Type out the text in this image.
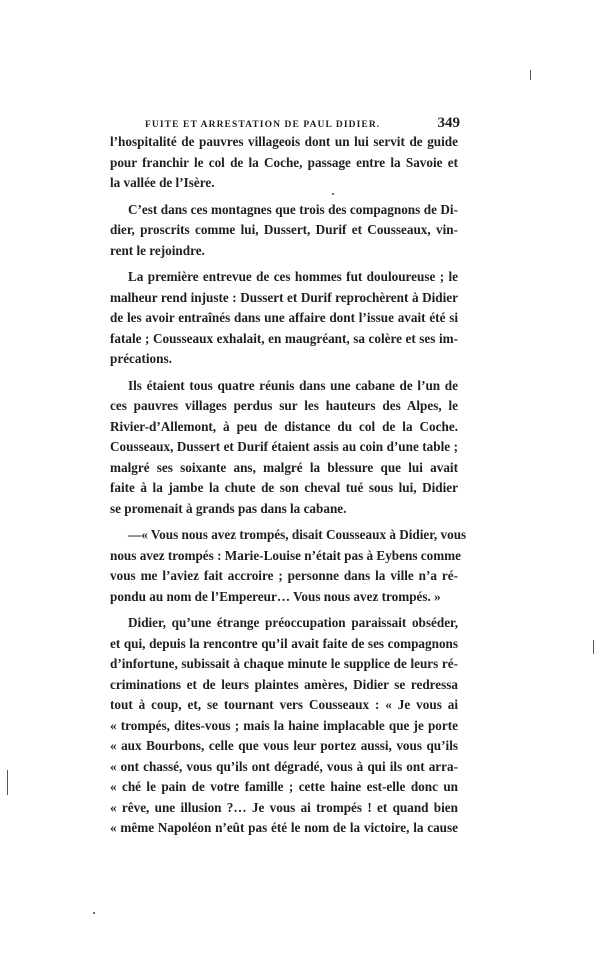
FUITE ET ARRESTATION DE PAUL DIDIER.	349
l’hospitalité de pauvres villageois dont un lui servit de guide
pour franchir le col de la Coche, passage entre la Savoie et
la vallée de l’Isère.
C’est dans ces montagnes que trois des compagnons de Di-
dier, proscrits comme lui, Dussert, Durif et Cousseaux, vin-
rent le rejoindre.
La première entrevue de ces hommes fut douloureuse ; le
malheur rend injuste : Dussert et Durif reprochèrent à Didier
de les avoir entraînés dans une affaire dont l’issue avait été si
fatale ; Cousseaux exhalait, en maugréant, sa colère et ses im-
précations.
Ils étaient tous quatre réunis dans une cabane de l’un de
ces pauvres villages perdus sur les hauteurs des Alpes, le
Rivier-d’Allemont, à peu de distance du col de la Coche.
Cousseaux, Dussert et Durif étaient assis au coin d’une table ;
malgré ses soixante ans, malgré la blessure que lui avait
faite à la jambe la chute de son cheval tué sous lui, Didier
se promenait à grands pas dans la cabane.
—« Vous nous avez trompés, disait Cousseaux à Didier, vous
nous avez trompés : Marie-Louise n’était pas à Eybens comme
vous me l’aviez fait accroire ; personne dans la ville n’a ré-
pondu au nom de l’Empereur… Vous nous avez trompés. »
Didier, qu’une étrange préoccupation paraissait obséder,
et qui, depuis la rencontre qu’il avait faite de ses compagnons
d’infortune, subissait à chaque minute le supplice de leurs ré-
criminations et de leurs plaintes amères, Didier se redressa
tout à coup, et, se tournant vers Cousseaux : « Je vous ai
« trompés, dites-vous ; mais la haine implacable que je porte
« aux Bourbons, celle que vous leur portez aussi, vous qu’ils
« ont chassé, vous qu’ils ont dégradé, vous à qui ils ont arra-
« ché le pain de votre famille ; cette haine est-elle donc un
« rêve, une illusion ?… Je vous ai trompés ! et quand bien
« même Napoléon n’eût pas été le nom de la victoire, la cause
